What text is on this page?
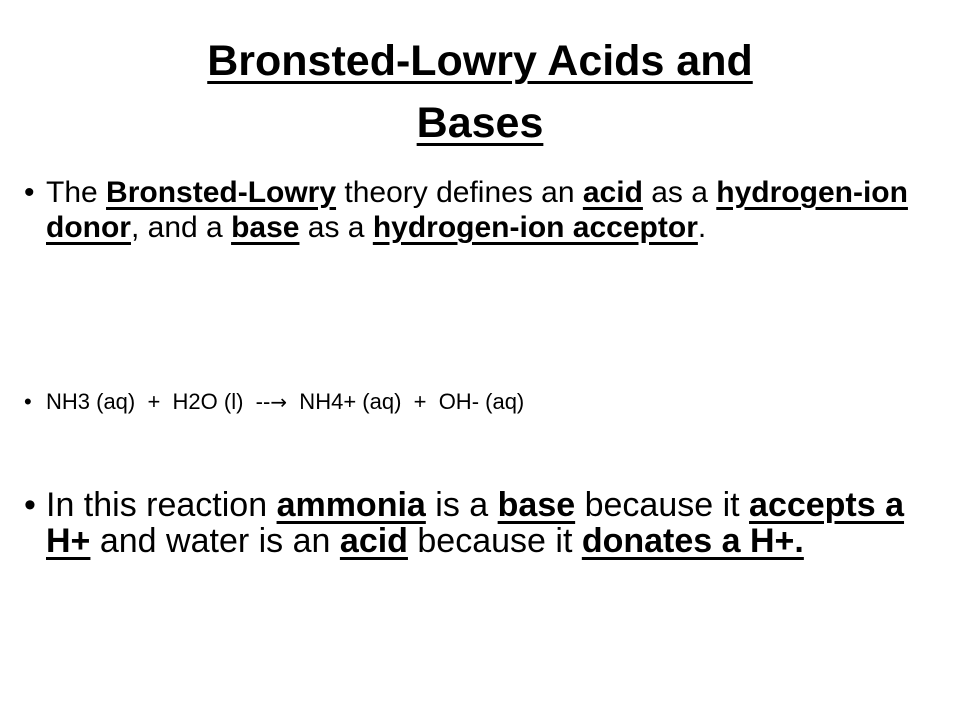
Bronsted-Lowry Acids and
Bases
• The Bronsted-Lowry theory defines an acid as a hydrogen-ion donor, and a base as a hydrogen-ion acceptor.
• NH3 (aq)  +  H2O (l)  --→  NH4+ (aq)  +  OH- (aq)
• In this reaction ammonia is a base because it accepts a H+ and water is an acid because it donates a H+.
